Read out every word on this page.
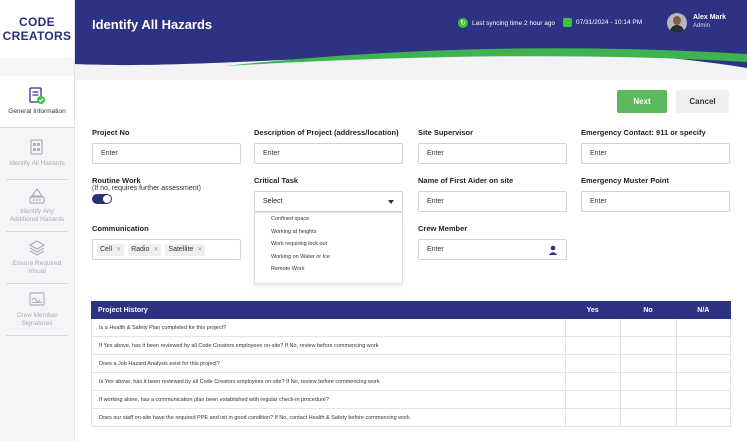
CODE
CREATORS
General Information
Identify All Hazards
Identify Any Additional Hazards
Ensure Required Visual
Crew Member Signatures
Identify All Hazards	↻ Last syncing time 2 hour ago	07/31/2024 - 10:14 PM
Alex Mark
Admin
Next	Cancel
Project No
Enter
Description of Project (address/location)
Enter
Site Supervisor
Enter
Emergency Contact: 911 or specify
Enter
Routine Work
(If no, requires further assessment)
Critical Task
Select
Confined space
Working at heights
Work requiring lock out
Working on Water or Ice
Remote Work
Name of First Aider on site
Enter
Emergency Muster Point
Enter
Communication
Cell ✕ Radio ✕ Satellite ✕
Crew Member
Enter
Project History	Yes	No	N/A
Is a Health & Safety Plan completed for this project?
If Yes above, has it been reviewed by all Code Creators employees on-site? If No, review before commencing work
Does a Job Hazard Analysis exist for this project?
Is Yes above, has it been reviewed by all Code Creators employees on-site? If No, review before commencing work
If working alone, has a communication plan been established with regular check-in procedure?
Does our staff on-site have the required PPE and isit in good condition? If No, contact Health & Safety before commencing work
